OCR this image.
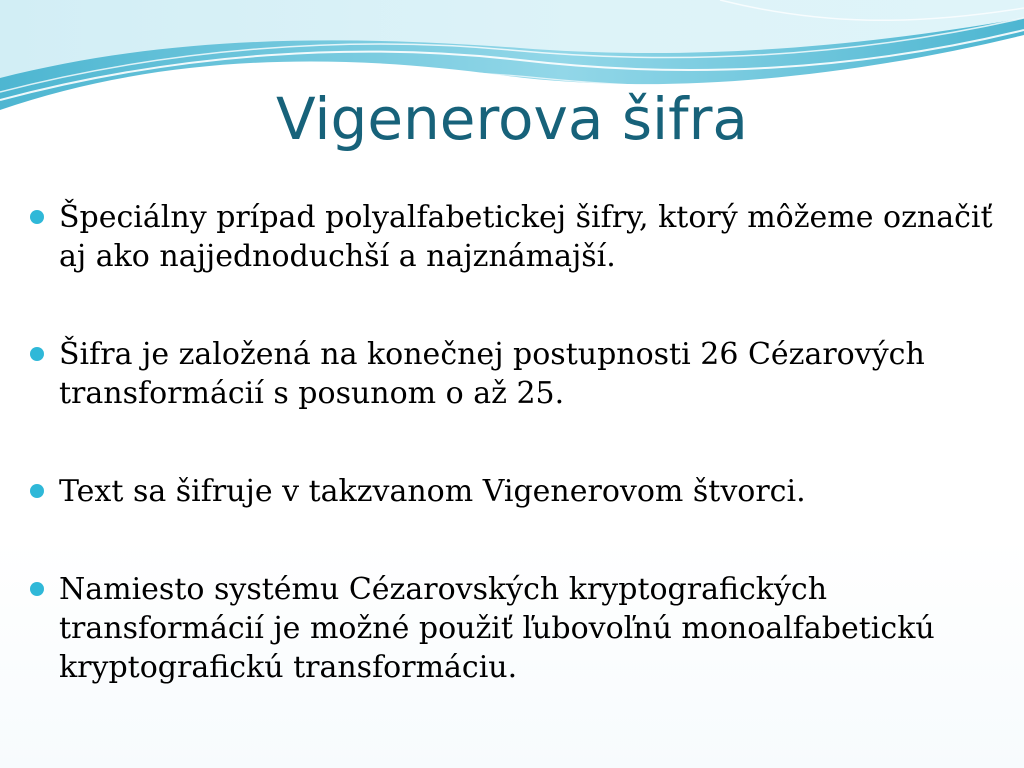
Vigenerova šifra
Špeciálny prípad polyalfabetickej šifry, ktorý môžeme označiť aj ako najjednoduchší a najznámajší.
Šifra je založená na konečnej postupnosti 26 Cézarových transformácií s posunom o až 25.
Text sa šifruje v takzvanom Vigenerovom štvorci.
Namiesto systému Cézarovských kryptografických transformácií je možné použiť ľubovoľnú monoalfabetickú kryptografickú transformáciu.
